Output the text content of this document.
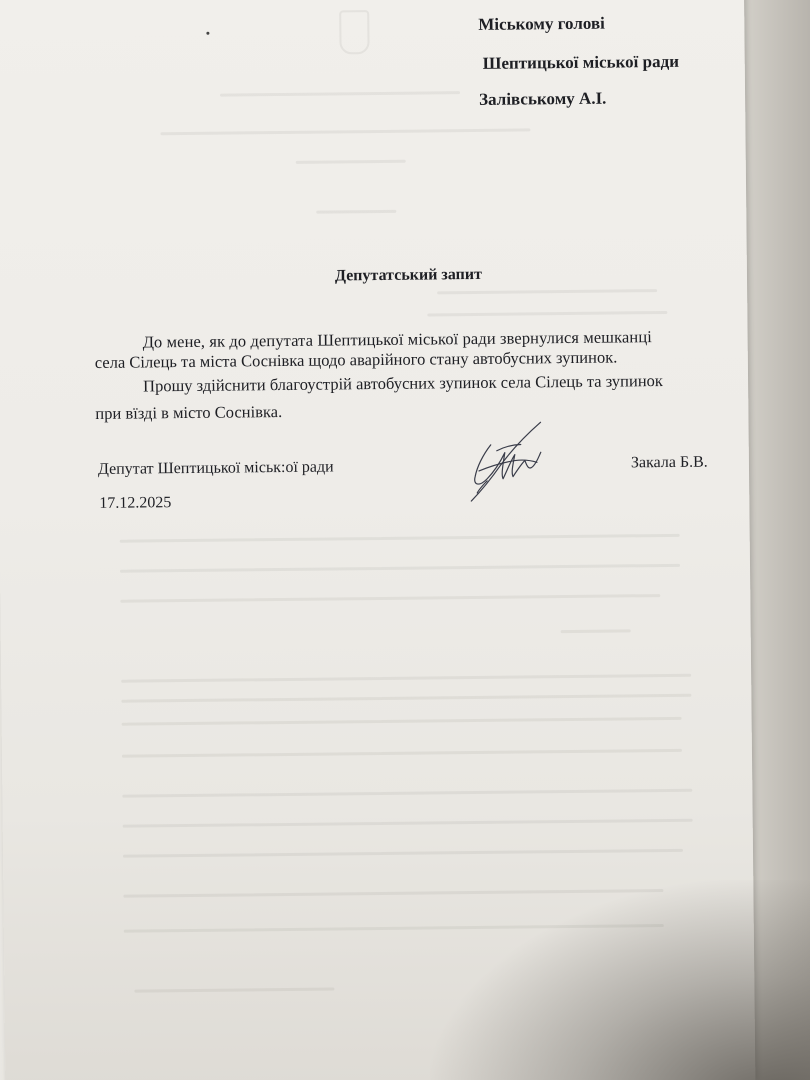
Міському голові
Шептицької міської ради
Залівському А.І.
Депутатський запит
До мене, як до депутата Шептицької міської ради звернулися мешканці
села Сілець та міста Соснівка щодо аварійного стану автобусних зупинок.
Прошу здійснити благоустрій автобусних зупинок села Сілець та зупинок
при вїзді в місто Соснівка.
Депутат Шептицької міськ:ої ради	Закала Б.В.
17.12.2025
